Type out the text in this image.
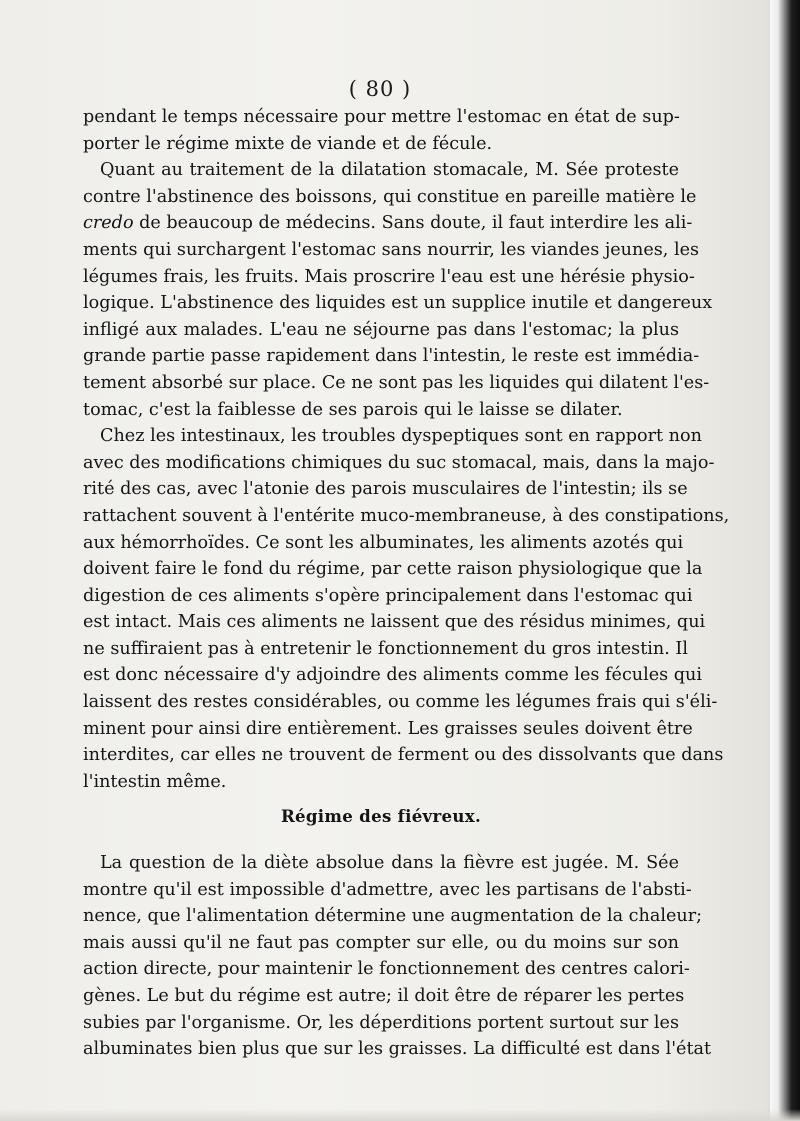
( 80 )
pendant le temps nécessaire pour mettre l'estomac en état de sup-
porter le régime mixte de viande et de fécule.
Quant au traitement de la dilatation stomacale, M. Sée proteste
contre l'abstinence des boissons, qui constitue en pareille matière le
credo de beaucoup de médecins. Sans doute, il faut interdire les ali-
ments qui surchargent l'estomac sans nourrir, les viandes jeunes, les
légumes frais, les fruits. Mais proscrire l'eau est une hérésie physio-
logique. L'abstinence des liquides est un supplice inutile et dangereux
infligé aux malades. L'eau ne séjourne pas dans l'estomac; la plus
grande partie passe rapidement dans l'intestin, le reste est immédia-
tement absorbé sur place. Ce ne sont pas les liquides qui dilatent l'es-
tomac, c'est la faiblesse de ses parois qui le laisse se dilater.
Chez les intestinaux, les troubles dyspeptiques sont en rapport non
avec des modifications chimiques du suc stomacal, mais, dans la majo-
rité des cas, avec l'atonie des parois musculaires de l'intestin; ils se
rattachent souvent à l'entérite muco-membraneuse, à des constipations,
aux hémorrhoïdes. Ce sont les albuminates, les aliments azotés qui
doivent faire le fond du régime, par cette raison physiologique que la
digestion de ces aliments s'opère principalement dans l'estomac qui
est intact. Mais ces aliments ne laissent que des résidus minimes, qui
ne suffiraient pas à entretenir le fonctionnement du gros intestin. Il
est donc nécessaire d'y adjoindre des aliments comme les fécules qui
laissent des restes considérables, ou comme les légumes frais qui s'éli-
minent pour ainsi dire entièrement. Les graisses seules doivent être
interdites, car elles ne trouvent de ferment ou des dissolvants que dans
l'intestin même.
Régime des fiévreux.
La question de la diète absolue dans la fièvre est jugée. M. Sée
montre qu'il est impossible d'admettre, avec les partisans de l'absti-
nence, que l'alimentation détermine une augmentation de la chaleur;
mais aussi qu'il ne faut pas compter sur elle, ou du moins sur son
action directe, pour maintenir le fonctionnement des centres calori-
gènes. Le but du régime est autre; il doit être de réparer les pertes
subies par l'organisme. Or, les déperditions portent surtout sur les
albuminates bien plus que sur les graisses. La difficulté est dans l'état
